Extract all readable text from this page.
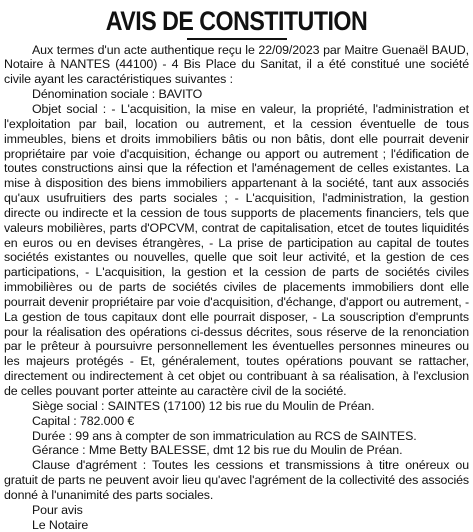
AVIS DE CONSTITUTION

Aux termes d'un acte authentique reçu le 22/09/2023 par Maitre Guenaël BAUD, Notaire à NANTES (44100) - 4 Bis Place du Sanitat, il a été constitué une société civile ayant les caractéristiques suivantes :

Dénomination sociale : BAVITO

Objet social : - L'acquisition, la mise en valeur, la propriété, l'administration et l'exploitation par bail, location ou autrement, et la cession éventuelle de tous immeubles, biens et droits immobiliers bâtis ou non bâtis, dont elle pourrait devenir propriétaire par voie d'acquisition, échange ou apport ou autrement ; l'édification de toutes constructions ainsi que la réfection et l'aménagement de celles existantes. La mise à disposition des biens immobiliers appartenant à la société, tant aux associés qu'aux usufruitiers des parts sociales ; - L'acquisition, l'administration, la gestion directe ou indirecte et la cession de tous supports de placements financiers, tels que valeurs mobilières, parts d'OPCVM, contrat de capitalisation, etcet de toutes liquidités en euros ou en devises étrangères, - La prise de participation au capital de toutes sociétés existantes ou nouvelles, quelle que soit leur activité, et la gestion de ces participations, - L'acquisition, la gestion et la cession de parts de sociétés civiles immobilières ou de parts de sociétés civiles de placements immobiliers dont elle pourrait devenir propriétaire par voie d'acquisition, d'échange, d'apport ou autrement, - La gestion de tous capitaux dont elle pourrait disposer, - La souscription d'emprunts pour la réalisation des opérations ci-dessus décrites, sous réserve de la renonciation par le prêteur à poursuivre personnellement les éventuelles personnes mineures ou les majeurs protégés - Et, généralement, toutes opérations pouvant se rattacher, directement ou indirectement à cet objet ou contribuant à sa réalisation, à l'exclusion de celles pouvant porter atteinte au caractère civil de la société.

Siège social : SAINTES (17100) 12 bis rue du Moulin de Préan.

Capital : 782.000 €

Durée : 99 ans à compter de son immatriculation au RCS de SAINTES.

Gérance : Mme Betty BALESSE, dmt 12 bis rue du Moulin de Préan.

Clause d'agrément : Toutes les cessions et transmissions à titre onéreux ou gratuit de parts ne peuvent avoir lieu qu'avec l'agrément de la collectivité des associés donné à l'unanimité des parts sociales.

Pour avis

Le Notaire
